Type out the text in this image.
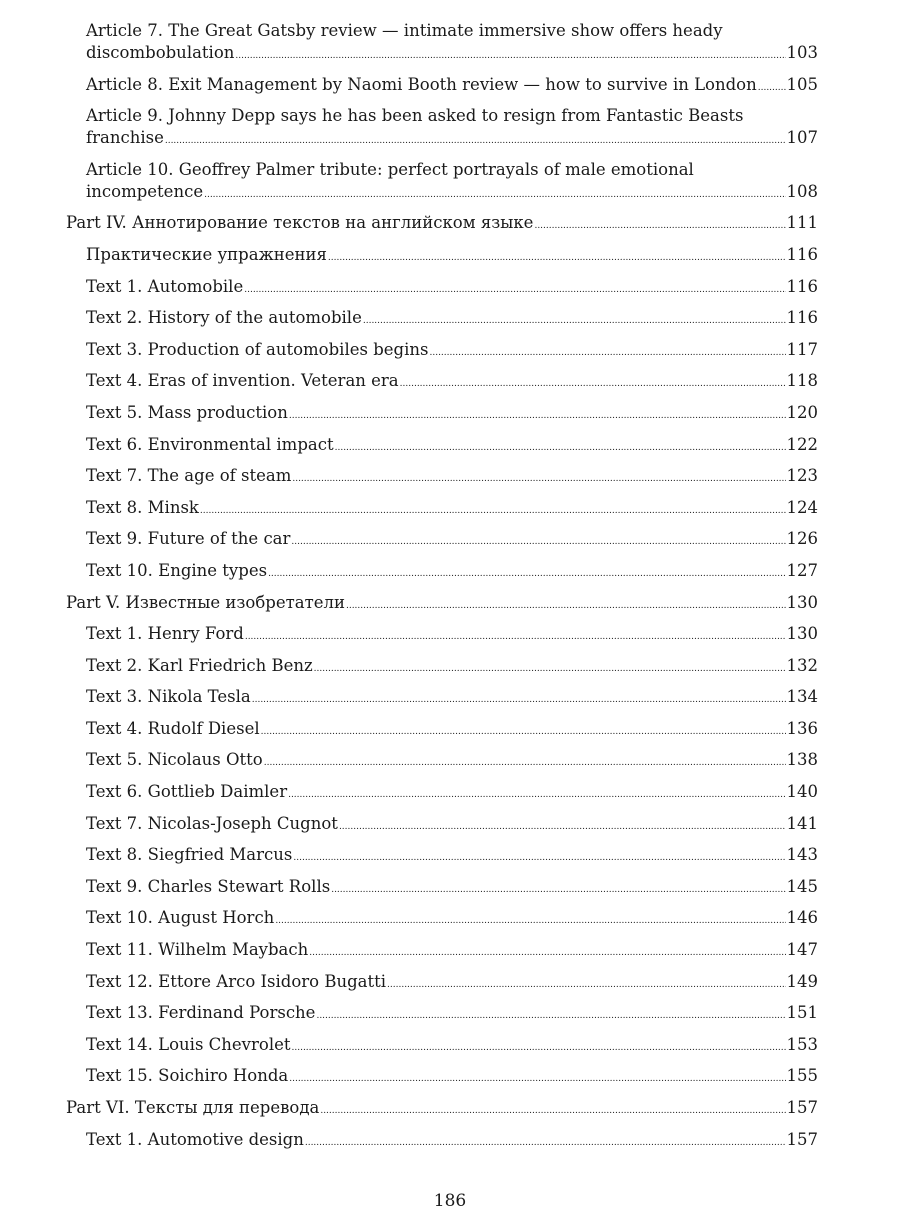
Article 7. The Great Gatsby review — intimate immersive show offers heady
discombobulation .....	103
Article 8. Exit Management by Naomi Booth review — how to survive in London ..... 105
Article 9. Johnny Depp says he has been asked to resign from Fantastic Beasts
franchise .....	107
Article 10. Geoffrey Palmer tribute: perfect portrayals of male emotional
incompetence .....	108
Part IV. Аннотирование текстов на английском языке .....	111
Практические упражнения .....	116
Text 1. Automobile .....	116
Text 2. History of the automobile .....	116
Text 3. Production of automobiles begins .....	117
Text 4. Eras of invention. Veteran era .....	118
Text 5. Mass production .....	120
Text 6. Environmental impact .....	122
Text 7. The age of steam .....	123
Text 8. Minsk .....	124
Text 9. Future of the car .....	126
Text 10. Engine types .....	127
Part V. Известные изобретатели .....	130
Text 1. Henry Ford .....	130
Text 2. Karl Friedrich Benz .....	132
Text 3. Nikola Tesla .....	134
Text 4. Rudolf Diesel .....	136
Text 5. Nicolaus Otto .....	138
Text 6. Gottlieb Daimler .....	140
Text 7. Nicolas-Joseph Cugnot .....	141
Text 8. Siegfried Marcus .....	143
Text 9. Charles Stewart Rolls .....	145
Text 10. August Horch .....	146
Text 11. Wilhelm Maybach .....	147
Text 12. Ettore Arco Isidoro Bugatti .....	149
Text 13. Ferdinand Porsche .....	151
Text 14. Louis Chevrolet .....	153
Text 15. Soichiro Honda .....	155
Part VI. Тексты для перевода .....	157
Text 1. Automotive design .....	157
186
